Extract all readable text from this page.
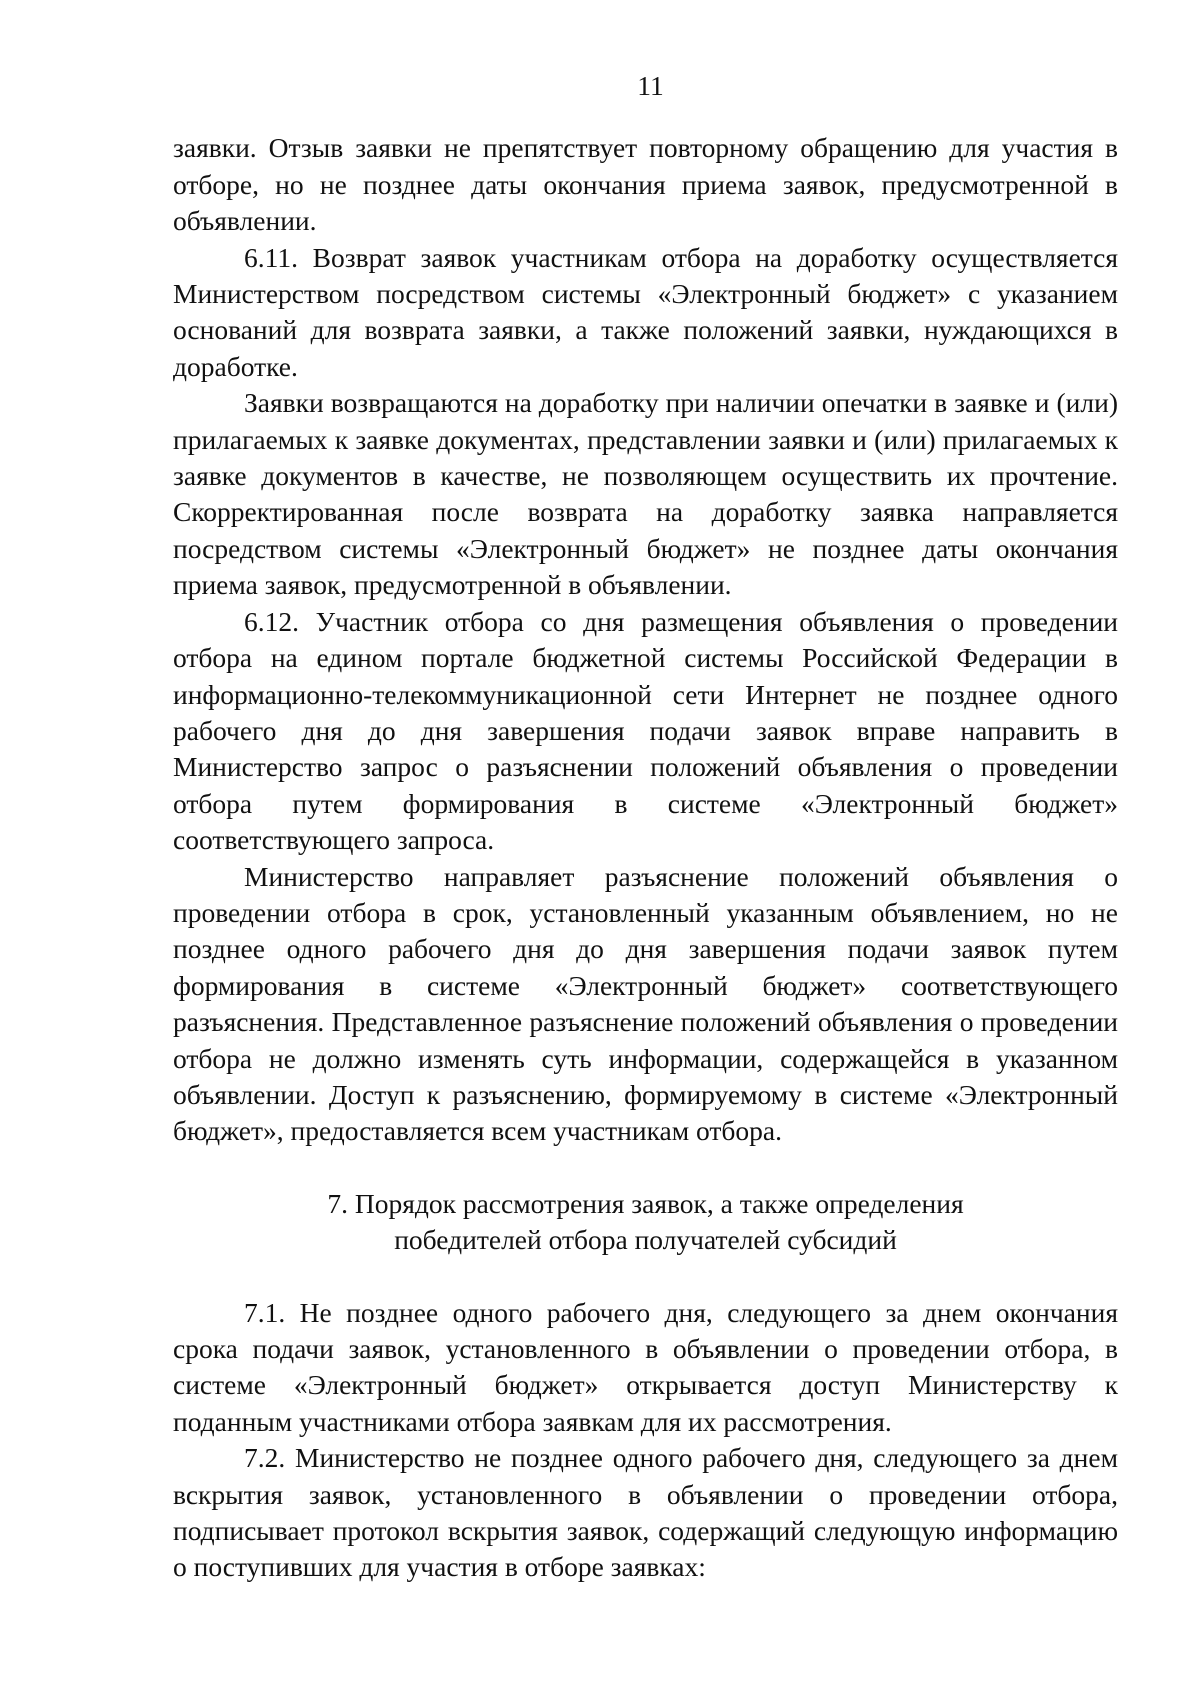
11

заявки. Отзыв заявки не препятствует повторному обращению для участия в отборе, но не позднее даты окончания приема заявок, предусмотренной в объявлении.

6.11. Возврат заявок участникам отбора на доработку осуществляется Министерством посредством системы «Электронный бюджет» с указанием оснований для возврата заявки, а также положений заявки, нуждающихся в доработке.

Заявки возвращаются на доработку при наличии опечатки в заявке и (или) прилагаемых к заявке документах, представлении заявки и (или) прилагаемых к заявке документов в качестве, не позволяющем осуществить их прочтение. Скорректированная после возврата на доработку заявка направляется посредством системы «Электронный бюджет» не позднее даты окончания приема заявок, предусмотренной в объявлении.

6.12. Участник отбора со дня размещения объявления о проведении отбора на едином портале бюджетной системы Российской Федерации в информационно-телекоммуникационной сети Интернет не позднее одного рабочего дня до дня завершения подачи заявок вправе направить в Министерство запрос о разъяснении положений объявления о проведении отбора путем формирования в системе «Электронный бюджет» соответствующего запроса.

Министерство направляет разъяснение положений объявления о проведении отбора в срок, установленный указанным объявлением, но не позднее одного рабочего дня до дня завершения подачи заявок путем формирования в системе «Электронный бюджет» соответствующего разъяснения. Представленное разъяснение положений объявления о проведении отбора не должно изменять суть информации, содержащейся в указанном объявлении. Доступ к разъяснению, формируемому в системе «Электронный бюджет», предоставляется всем участникам отбора.

7. Порядок рассмотрения заявок, а также определения
победителей отбора получателей субсидий

7.1. Не позднее одного рабочего дня, следующего за днем окончания срока подачи заявок, установленного в объявлении о проведении отбора, в системе «Электронный бюджет» открывается доступ Министерству к поданным участниками отбора заявкам для их рассмотрения.

7.2. Министерство не позднее одного рабочего дня, следующего за днем вскрытия заявок, установленного в объявлении о проведении отбора, подписывает протокол вскрытия заявок, содержащий следующую информацию о поступивших для участия в отборе заявках:
